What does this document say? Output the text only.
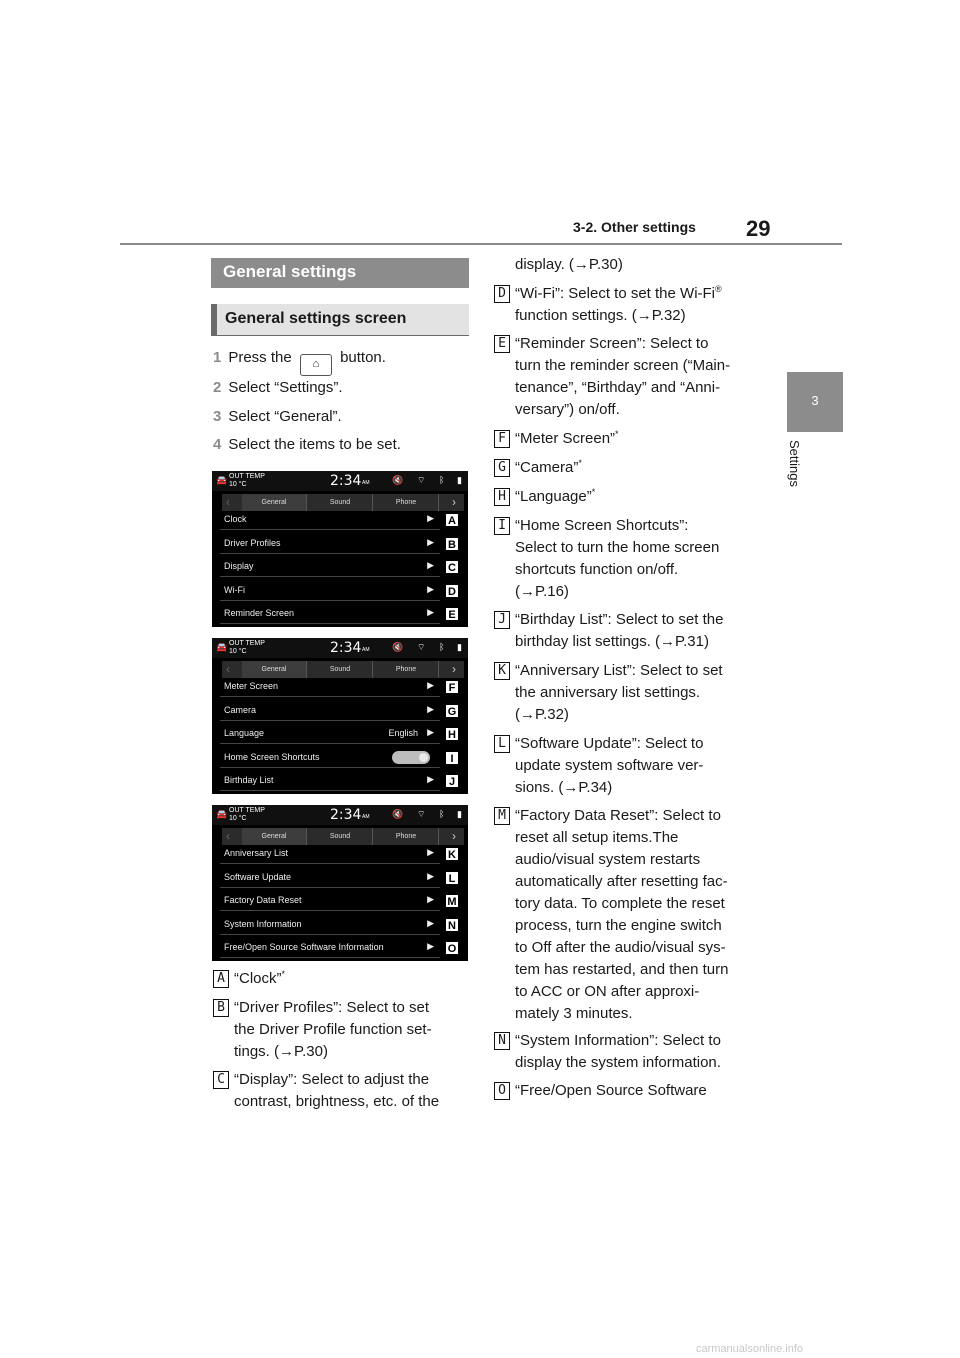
3-2. Other settings 29
3
Settings
General settings
General settings screen
1 Press the ⌂ button.
2 Select “Settings”.
3 Select “General”.
4 Select the items to be set.
🚘 OUT TEMP
10 °C	2:34 AM	🔇 ⌔ ᛒ ▮
‹	General	Sound	Phone	›
Clock	▶ A
Driver Profiles	▶ B
Display	▶ C
Wi-Fi	▶ D
Reminder Screen	▶	E
🚘 OUT TEMP
10 °C	2:34 AM	🔇 ⌔ ᛒ ▮
‹	General	Sound	Phone	›
Meter Screen	▶	F
Camera	▶ G
Language	English ▶ H
Home Screen Shortcuts	I
Birthday List	▶	J
🚘 OUT TEMP
10 °C	2:34 AM	🔇 ⌔ ᛒ ▮
‹	General	Sound	Phone	›
Anniversary List	▶ K
Software Update	▶	L
Factory Data Reset	▶ M
System Information	▶ N
Free/Open Source Software Information	▶ O
A “Clock”*
B “Driver Profiles”: Select to set
the Driver Profile function set-
tings. (→P.30)
C “Display”: Select to adjust the
contrast, brightness, etc. of the
display. (→P.30)
D “Wi-Fi”: Select to set the Wi-Fi®
function settings. (→P.32)
E “Reminder Screen”: Select to
turn the reminder screen (“Main-
tenance”, “Birthday” and “Anni-
versary”) on/off.
F “Meter Screen”*
G “Camera”*
H “Language”*
I “Home Screen Shortcuts”:
Select to turn the home screen
shortcuts function on/off.
(→P.16)
J “Birthday List”: Select to set the
birthday list settings. (→P.31)
K “Anniversary List”: Select to set
the anniversary list settings.
(→P.32)
L “Software Update”: Select to
update system software ver-
sions. (→P.34)
M “Factory Data Reset”: Select to
reset all setup items.The
audio/visual system restarts
automatically after resetting fac-
tory data. To complete the reset
process, turn the engine switch
to Off after the audio/visual sys-
tem has restarted, and then turn
to ACC or ON after approxi-
mately 3 minutes.
N “System Information”: Select to
display the system information.
O “Free/Open Source Software
carmanualsonline.info
